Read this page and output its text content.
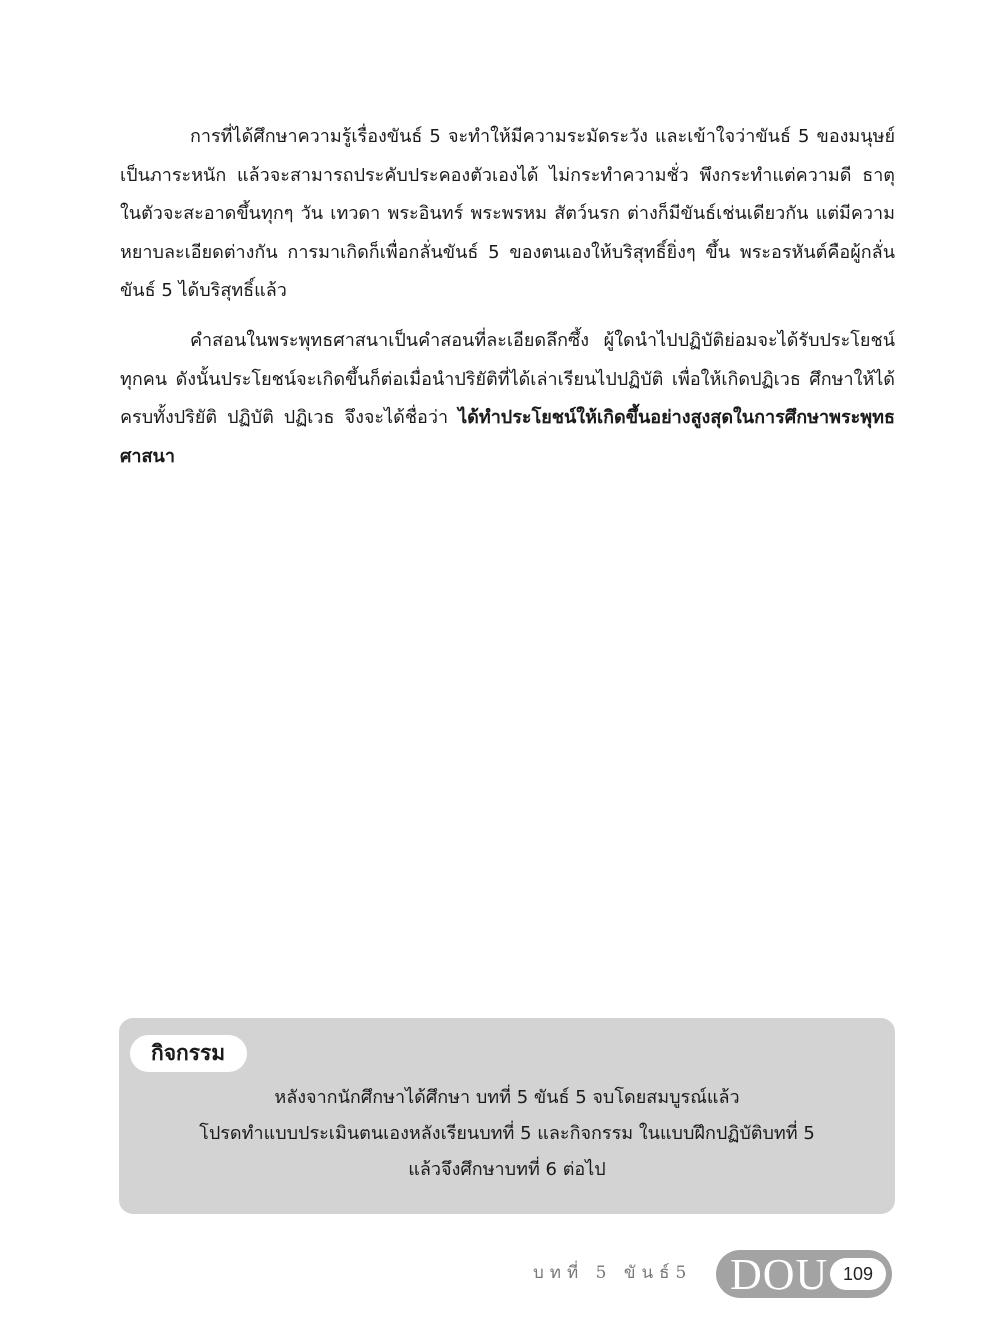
การที่ได้ศึกษาความรู้เรื่องขันธ์ 5 จะทำให้มีความระมัดระวัง และเข้าใจว่าขันธ์ 5 ของมนุษย์เป็นภาระหนัก แล้วจะสามารถประคับประคองตัวเองได้ ไม่กระทำความชั่ว พึงกระทำแต่ความดี ธาตุในตัวจะสะอาดขึ้นทุกๆ วัน เทวดา พระอินทร์ พระพรหม สัตว์นรก ต่างก็มีขันธ์เช่นเดียวกัน แต่มีความหยาบละเอียดต่างกัน การมาเกิดก็เพื่อกลั่นขันธ์ 5 ของตนเองให้บริสุทธิ์ยิ่งๆ ขึ้น พระอรหันต์คือผู้กลั่นขันธ์ 5 ได้บริสุทธิ์แล้ว

คำสอนในพระพุทธศาสนาเป็นคำสอนที่ละเอียดลึกซึ้ง ผู้ใดนำไปปฏิบัติย่อมจะได้รับประโยชน์ทุกคน ดังนั้นประโยชน์จะเกิดขึ้นก็ต่อเมื่อนำปริยัติที่ได้เล่าเรียนไปปฏิบัติ เพื่อให้เกิดปฏิเวธ ศึกษาให้ได้ครบทั้งปริยัติ ปฏิบัติ ปฏิเวธ จึงจะได้ชื่อว่า ได้ทำประโยชน์ให้เกิดขึ้นอย่างสูงสุดในการศึกษาพระพุทธศาสนา

กิจกรรม
หลังจากนักศึกษาได้ศึกษา บทที่ 5 ขันธ์ 5 จบโดยสมบูรณ์แล้ว
โปรดทำแบบประเมินตนเองหลังเรียนบทที่ 5 และกิจกรรม ในแบบฝึกปฏิบัติบทที่ 5
แล้วจึงศึกษาบทที่ 6 ต่อไป
บทที่ 5 ขันธ์5 DOU 109
